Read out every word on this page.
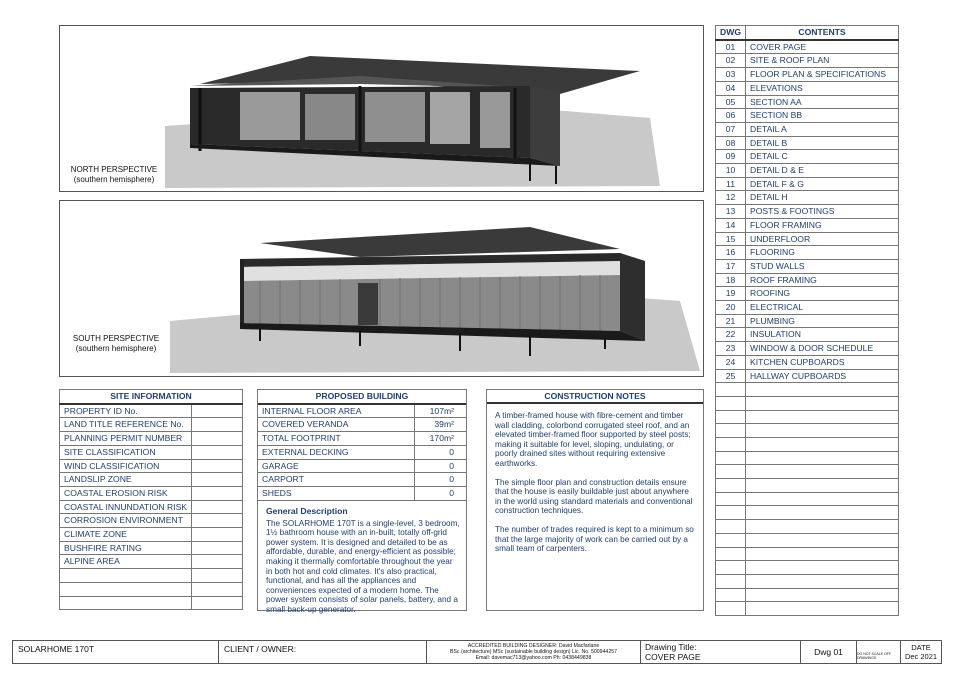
NORTH PERSPECTIVE
(southern hemisphere)
SOUTH PERSPECTIVE
(southern hemisphere)
DWG	CONTENTS
01	COVER PAGE
02	SITE & ROOF PLAN
03	FLOOR PLAN & SPECIFICATIONS
04	ELEVATIONS
05	SECTION AA
06	SECTION BB
07	DETAIL A
08	DETAIL B
09	DETAIL C
10	DETAIL D & E
11	DETAIL F & G
12	DETAIL H
13	POSTS & FOOTINGS
14	FLOOR FRAMING
15	UNDERFLOOR
16	FLOORING
17	STUD WALLS
18	ROOF FRAMING
19	ROOFING
20	ELECTRICAL
21	PLUMBING
22	INSULATION
23	WINDOW & DOOR SCHEDULE
24	KITCHEN CUPBOARDS
25	HALLWAY CUPBOARDS

SITE INFORMATION	
PROPERTY ID No.	
LAND TITLE REFERENCE No.	
PLANNING PERMIT NUMBER	
SITE CLASSIFICATION	
WIND CLASSIFICATION	
LANDSLIP ZONE	
COASTAL EROSION RISK	
COASTAL INNUNDATION RISK	
CORROSION ENVIRONMENT	
CLIMATE ZONE	
BUSHFIRE RATING	
ALPINE AREA	

PROPOSED BUILDING	
INTERNAL FLOOR AREA	107m²
COVERED VERANDA	39m²
TOTAL FOOTPRINT	170m²
EXTERNAL DECKING	0
GARAGE	0
CARPORT	0
SHEDS	0
General Description

The SOLARHOME 170T is a single-level, 3 bedroom, 1½ bathroom house with an in-built, totally off-grid power system. It is designed and detailed to be as affordable, durable, and energy-efficient as possible; making it thermally comfortable throughout the year in both hot and cold climates. It's also practical, functional, and has all the appliances and conveniences expected of a modern home. The power system consists of solar panels, battery, and a small back-up generator.

CONSTRUCTION NOTES

A timber-framed house with fibre-cement and timber wall cladding, colorbond corrugated steel roof, and an elevated timber-framed floor supported by steel posts; making it suitable for level, sloping, undulating, or poorly drained sites without requiring extensive earthworks.

The simple floor plan and construction details ensure that the house is easily buildable just about anywhere in the world using standard materials and conventional construction techniques.

The number of trades required is kept to a minimum so that the large majority of work can be carried out by a small team of carpenters.

SOLARHOME 170T	CLIENT / OWNER:	ACCREDITED BUILDING DESIGNER: David Macfarlane
BSc (architecture) MSc (sustainable building design) Lic. No. 500944257
Email: davemac713@yahoo.com Ph: 0438449838
Drawing Title:
COVER PAGE	Dwg 01	DO NOT SCALE OFF DRAWINGS
DATE
Dec 2021
